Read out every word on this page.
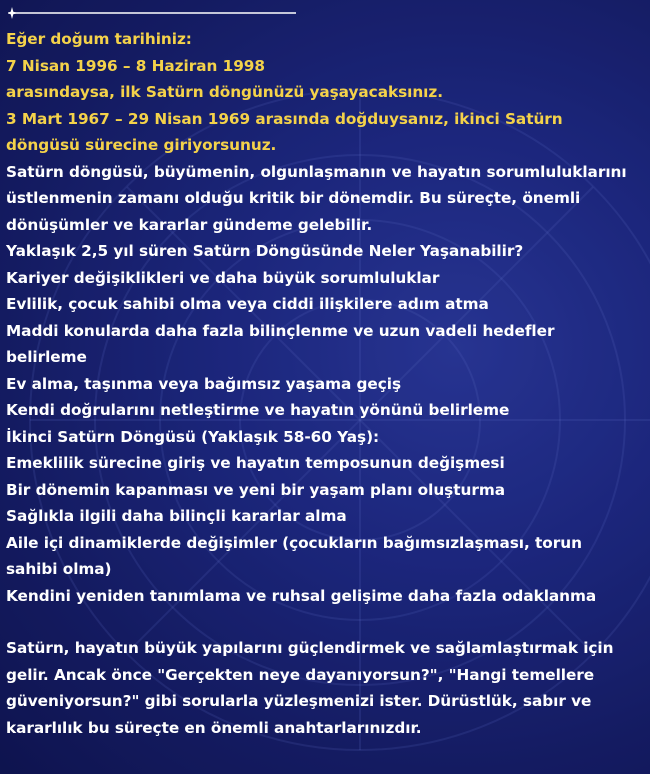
Eğer doğum tarihiniz:
7 Nisan 1996 – 8 Haziran 1998
arasındaysa, ilk Satürn döngünüzü yaşayacaksınız.
3 Mart 1967 – 29 Nisan 1969 arasında doğduysanız, ikinci Satürn
döngüsü sürecine giriyorsunuz.
Satürn döngüsü, büyümenin, olgunlaşmanın ve hayatın sorumluluklarını
üstlenmenin zamanı olduğu kritik bir dönemdir. Bu süreçte, önemli
dönüşümler ve kararlar gündeme gelebilir.
Yaklaşık 2,5 yıl süren Satürn Döngüsünde Neler Yaşanabilir?
Kariyer değişiklikleri ve daha büyük sorumluluklar
Evlilik, çocuk sahibi olma veya ciddi ilişkilere adım atma
Maddi konularda daha fazla bilinçlenme ve uzun vadeli hedefler
belirleme
Ev alma, taşınma veya bağımsız yaşama geçiş
Kendi doğrularını netleştirme ve hayatın yönünü belirleme
İkinci Satürn Döngüsü (Yaklaşık 58-60 Yaş):
Emeklilik sürecine giriş ve hayatın temposunun değişmesi
Bir dönemin kapanması ve yeni bir yaşam planı oluşturma
Sağlıkla ilgili daha bilinçli kararlar alma
Aile içi dinamiklerde değişimler (çocukların bağımsızlaşması, torun
sahibi olma)
Kendini yeniden tanımlama ve ruhsal gelişime daha fazla odaklanma
Satürn, hayatın büyük yapılarını güçlendirmek ve sağlamlaştırmak için
gelir. Ancak önce "Gerçekten neye dayanıyorsun?", "Hangi temellere
güveniyorsun?" gibi sorularla yüzleşmenizi ister. Dürüstlük, sabır ve
kararlılık bu süreçte en önemli anahtarlarınızdır.
